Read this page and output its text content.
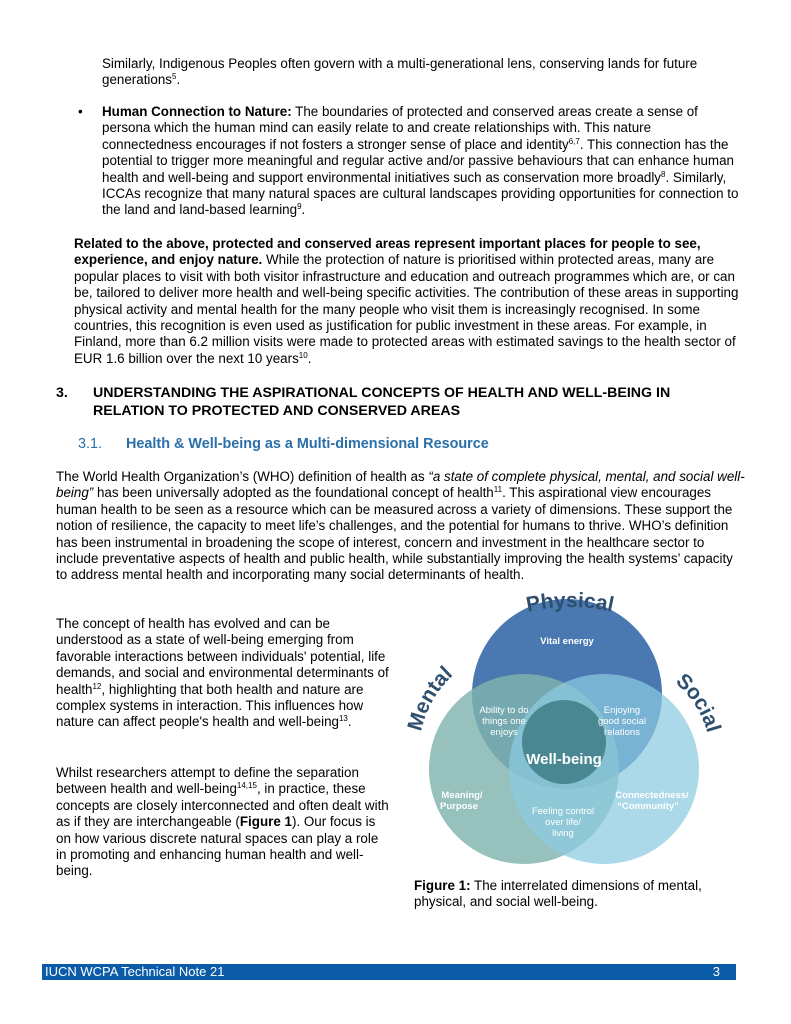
Similarly, Indigenous Peoples often govern with a multi-generational lens, conserving lands for future generations$^5$.

• Human Connection to Nature: The boundaries of protected and conserved areas create a sense of persona which the human mind can easily relate to and create relationships with. This nature connectedness encourages if not fosters a stronger sense of place and identity$^{6,7}$. This connection has the potential to trigger more meaningful and regular active and/or passive behaviours that can enhance human health and well-being and support environmental initiatives such as conservation more broadly$^8$. Similarly, ICCAs recognize that many natural spaces are cultural landscapes providing opportunities for connection to the land and land-based learning$^9$.

Related to the above, protected and conserved areas represent important places for people to see, experience, and enjoy nature. While the protection of nature is prioritised within protected areas, many are popular places to visit with both visitor infrastructure and education and outreach programmes which are, or can be, tailored to deliver more health and well-being specific activities. The contribution of these areas in supporting physical activity and mental health for the many people who visit them is increasingly recognised. In some countries, this recognition is even used as justification for public investment in these areas. For example, in Finland, more than 6.2 million visits were made to protected areas with estimated savings to the health sector of EUR 1.6 billion over the next 10 years$^{10}$.

3. UNDERSTANDING THE ASPIRATIONAL CONCEPTS OF HEALTH AND WELL-BEING IN RELATION TO PROTECTED AND CONSERVED AREAS
3.1. Health & Well-being as a Multi-dimensional Resource

The World Health Organization’s (WHO) definition of health as “a state of complete physical, mental, and social well-being” has been universally adopted as the foundational concept of health$^{11}$. This aspirational view encourages human health to be seen as a resource which can be measured across a variety of dimensions. These support the notion of resilience, the capacity to meet life’s challenges, and the potential for humans to thrive. WHO’s definition has been instrumental in broadening the scope of interest, concern and investment in the healthcare sector to include preventative aspects of health and public health, while substantially improving the health systems’ capacity to address mental health and incorporating many social determinants of health.

The concept of health has evolved and can be understood as a state of well-being emerging from favorable interactions between individuals' potential, life demands, and social and environmental determinants of health$^{12}$, highlighting that both health and nature are complex systems in interaction. This influences how nature can affect people's health and well-being$^{13}$.

Whilst researchers attempt to define the separation between health and well-being$^{14,15}$, in practice, these concepts are closely interconnected and often dealt with as if they are interchangeable (Figure 1). Our focus is on how various discrete natural spaces can play a role in promoting and enhancing human health and well-being.

Physical
Mental	Social
Vital energy
Ability to do
things one
enjoys
Enjoying
good social
relations
Meaning/
Purpose
Connectedness/
“Community”
Feeling control
over life/
living
Well-being

Figure 1: The interrelated dimensions of mental, physical, and social well-being.

IUCN WCPA Technical Note 21	3
